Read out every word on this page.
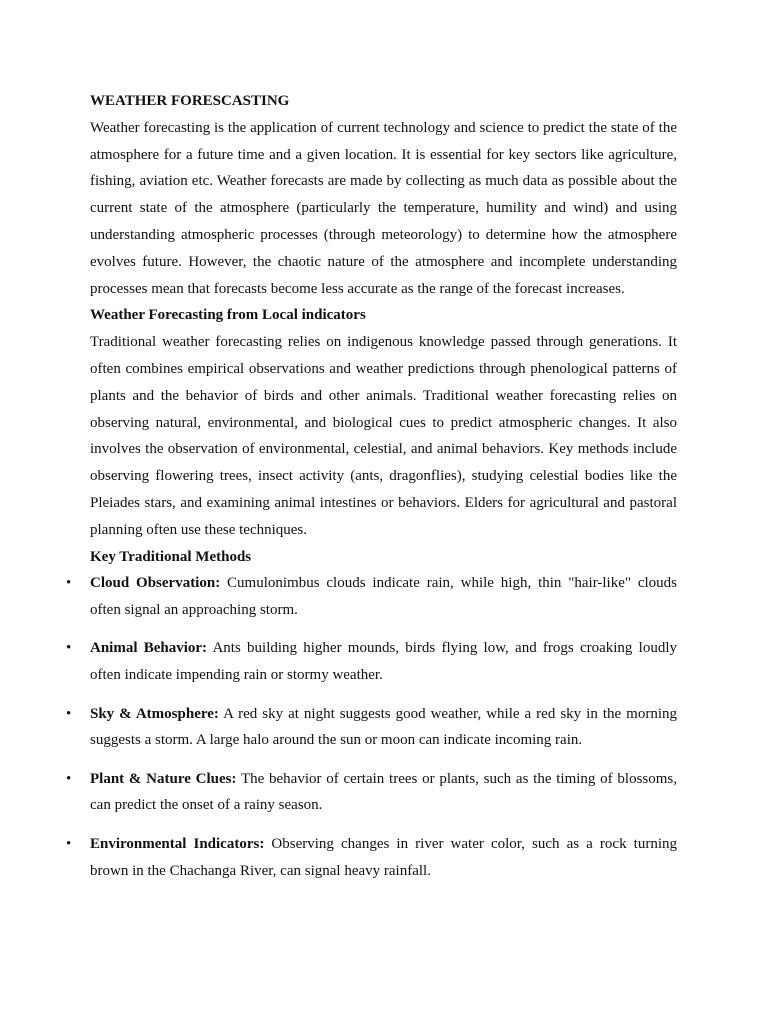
WEATHER FORESCASTING

Weather forecasting is the application of current technology and science to predict the state of the atmosphere for a future time and a given location. It is essential for key sectors like agriculture, fishing, aviation etc. Weather forecasts are made by collecting as much data as possible about the current state of the atmosphere (particularly the temperature, humility and wind) and using understanding atmospheric processes (through meteorology) to determine how the atmosphere evolves future. However, the chaotic nature of the atmosphere and incomplete understanding processes mean that forecasts become less accurate as the range of the forecast increases.

Weather Forecasting from Local indicators

Traditional weather forecasting relies on indigenous knowledge passed through generations. It often combines empirical observations and weather predictions through phenological patterns of plants and the behavior of birds and other animals. Traditional weather forecasting relies on observing natural, environmental, and biological cues to predict atmospheric changes. It also involves the observation of environmental, celestial, and animal behaviors. Key methods include observing flowering trees, insect activity (ants, dragonflies), studying celestial bodies like the Pleiades stars, and examining animal intestines or behaviors. Elders for agricultural and pastoral planning often use these techniques.

Key Traditional Methods

• Cloud Observation: Cumulonimbus clouds indicate rain, while high, thin "hair-like" clouds often signal an approaching storm.
• Animal Behavior: Ants building higher mounds, birds flying low, and frogs croaking loudly often indicate impending rain or stormy weather.
• Sky & Atmosphere: A red sky at night suggests good weather, while a red sky in the morning suggests a storm. A large halo around the sun or moon can indicate incoming rain.
• Plant & Nature Clues: The behavior of certain trees or plants, such as the timing of blossoms, can predict the onset of a rainy season.
• Environmental Indicators: Observing changes in river water color, such as a rock turning brown in the Chachanga River, can signal heavy rainfall.
